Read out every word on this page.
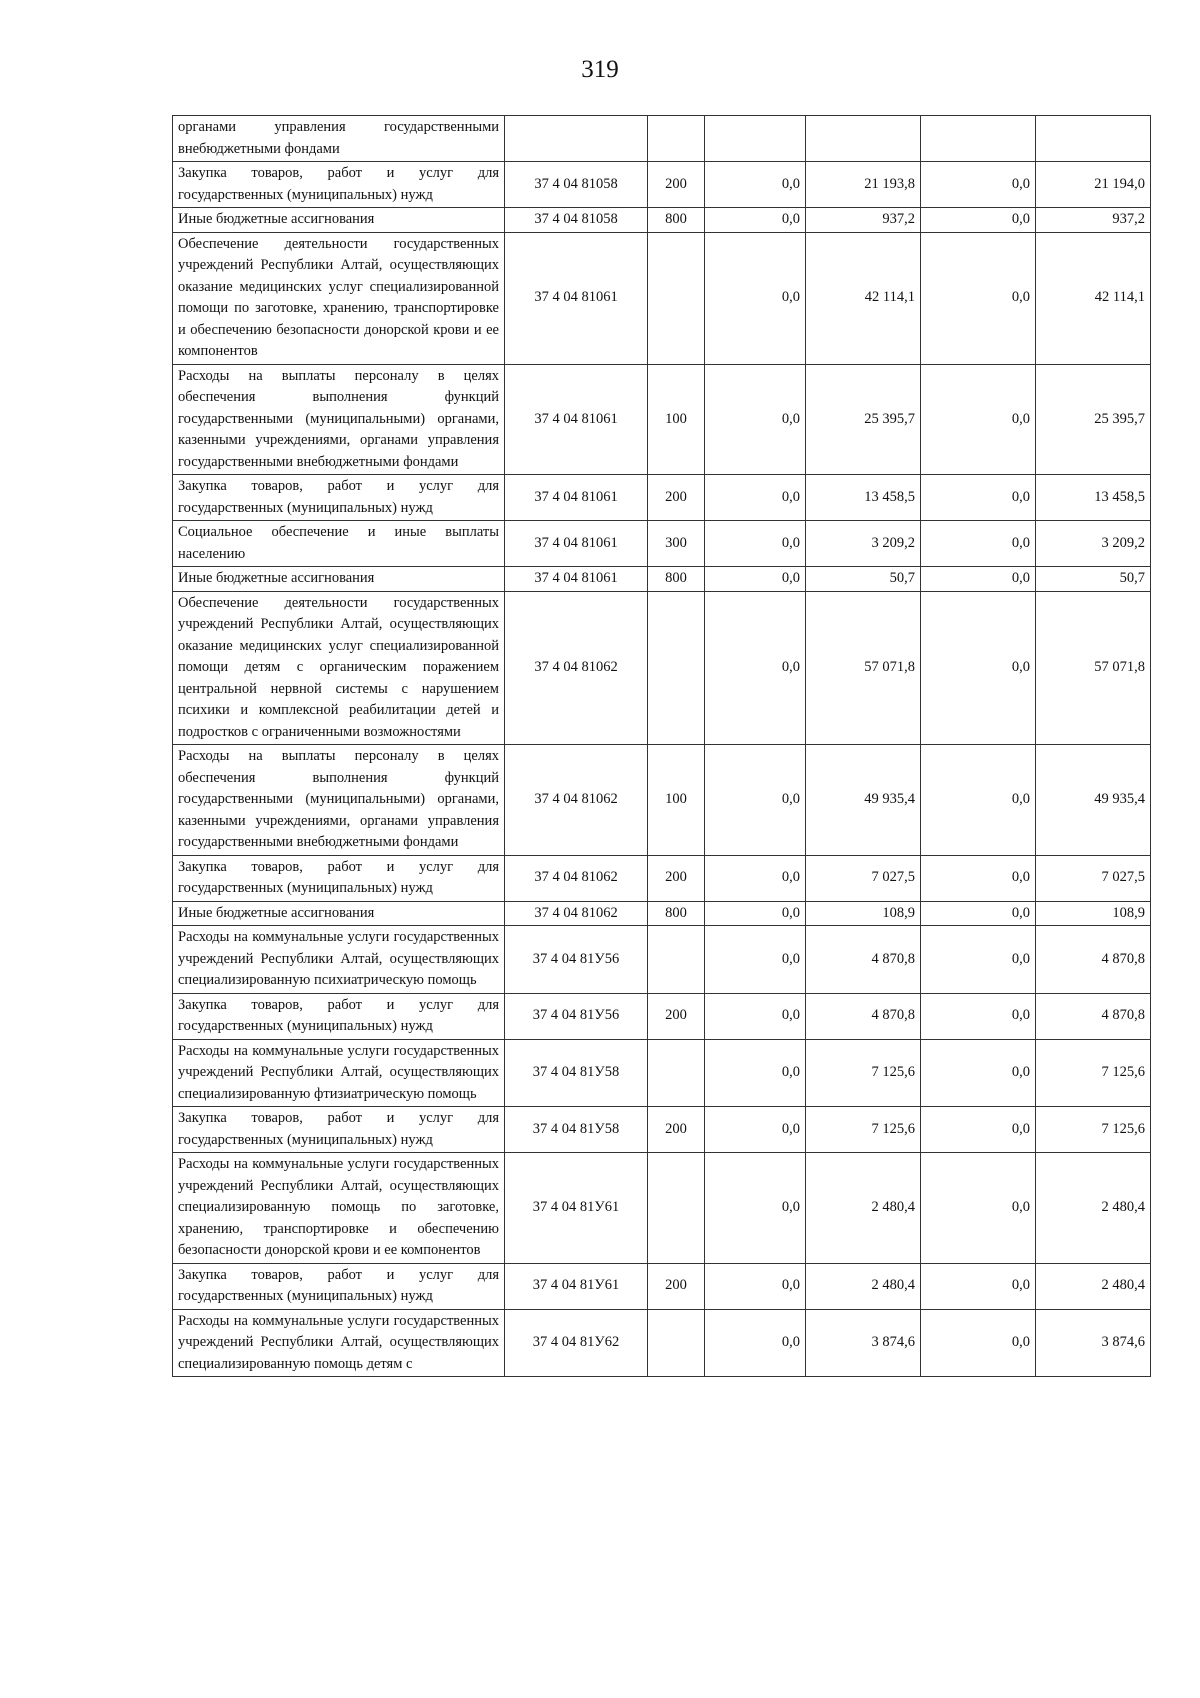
319
органами управления государственными внебюджетными фондами						
Закупка товаров, работ и услуг для государственных (муниципальных) нужд	37 4 04 81058	200	0,0	21 193,8	0,0	21 194,0
Иные бюджетные ассигнования	37 4 04 81058	800	0,0	937,2	0,0	937,2
Обеспечение деятельности государственных учреждений Республики Алтай, осуществляющих оказание медицинских услуг специализированной помощи по заготовке, хранению, транспортировке и обеспечению безопасности донорской крови и ее компонентов	37 4 04 81061		0,0	42 114,1	0,0	42 114,1
Расходы на выплаты персоналу в целях обеспечения выполнения функций государственными (муниципальными) органами, казенными учреждениями, органами управления государственными внебюджетными фондами	37 4 04 81061	100	0,0	25 395,7	0,0	25 395,7
Закупка товаров, работ и услуг для государственных (муниципальных) нужд	37 4 04 81061	200	0,0	13 458,5	0,0	13 458,5
Социальное обеспечение и иные выплаты населению	37 4 04 81061	300	0,0	3 209,2	0,0	3 209,2
Иные бюджетные ассигнования	37 4 04 81061	800	0,0	50,7	0,0	50,7
Обеспечение деятельности государственных учреждений Республики Алтай, осуществляющих оказание медицинских услуг специализированной помощи детям с органическим поражением центральной нервной системы с нарушением психики и комплексной реабилитации детей и подростков с ограниченными возможностями	37 4 04 81062		0,0	57 071,8	0,0	57 071,8
Расходы на выплаты персоналу в целях обеспечения выполнения функций государственными (муниципальными) органами, казенными учреждениями, органами управления государственными внебюджетными фондами	37 4 04 81062	100	0,0	49 935,4	0,0	49 935,4
Закупка товаров, работ и услуг для государственных (муниципальных) нужд	37 4 04 81062	200	0,0	7 027,5	0,0	7 027,5
Иные бюджетные ассигнования	37 4 04 81062	800	0,0	108,9	0,0	108,9
Расходы на коммунальные услуги государственных учреждений Республики Алтай, осуществляющих специализированную психиатрическую помощь	37 4 04 81У56		0,0	4 870,8	0,0	4 870,8
Закупка товаров, работ и услуг для государственных (муниципальных) нужд	37 4 04 81У56	200	0,0	4 870,8	0,0	4 870,8
Расходы на коммунальные услуги государственных учреждений Республики Алтай, осуществляющих специализированную фтизиатрическую помощь	37 4 04 81У58		0,0	7 125,6	0,0	7 125,6
Закупка товаров, работ и услуг для государственных (муниципальных) нужд	37 4 04 81У58	200	0,0	7 125,6	0,0	7 125,6
Расходы на коммунальные услуги государственных учреждений Республики Алтай, осуществляющих специализированную помощь по заготовке, хранению, транспортировке и обеспечению безопасности донорской крови и ее компонентов	37 4 04 81У61		0,0	2 480,4	0,0	2 480,4
Закупка товаров, работ и услуг для государственных (муниципальных) нужд	37 4 04 81У61	200	0,0	2 480,4	0,0	2 480,4
Расходы на коммунальные услуги государственных учреждений Республики Алтай, осуществляющих специализированную помощь детям с	37 4 04 81У62		0,0	3 874,6	0,0	3 874,6
